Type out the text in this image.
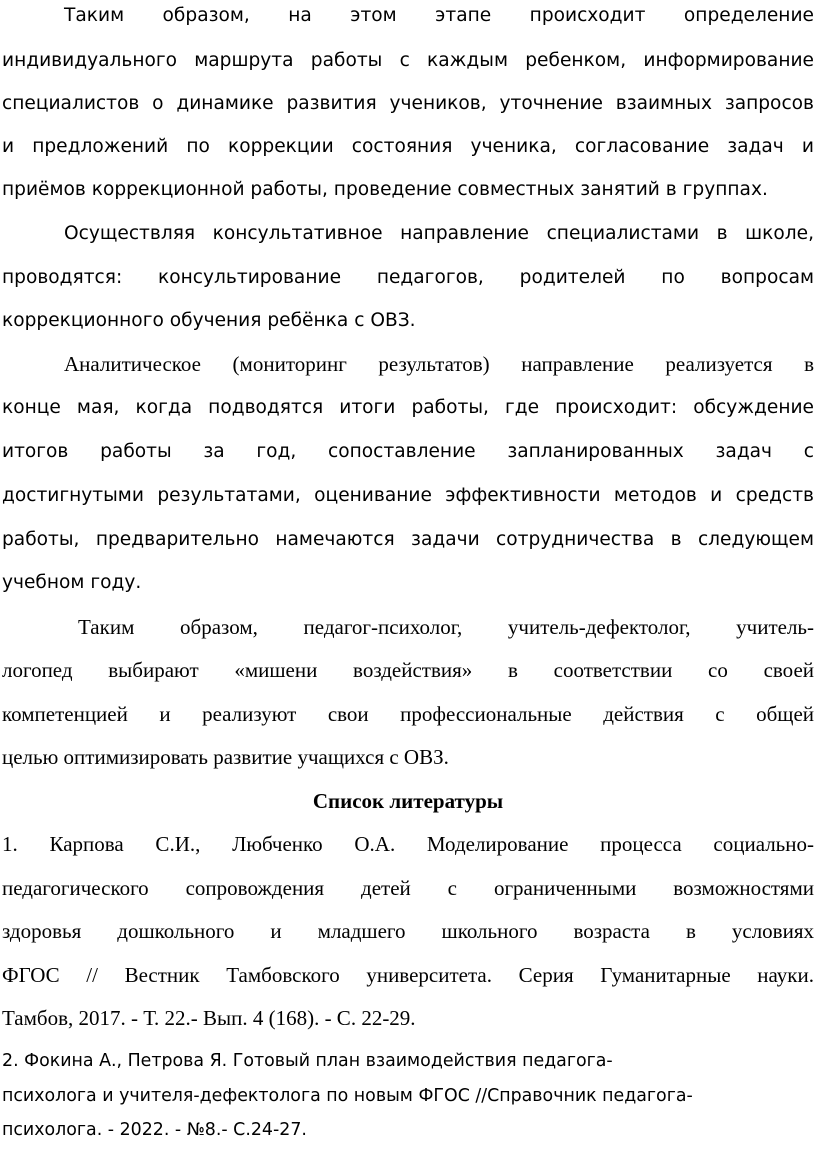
Таким образом, на этом этапе происходит определение

индивидуального маршрута работы с каждым ребенком, информирование

специалистов о динамике развития учеников, уточнение взаимных запросов

и предложений по коррекции состояния ученика, согласование задач и

приёмов коррекционной работы, проведение совместных занятий в группах.

Осуществляя консультативное направление специалистами в школе,

проводятся: консультирование педагогов, родителей по вопросам

коррекционного обучения ребёнка с ОВЗ.

Аналитическое (мониторинг результатов) направление реализуется в

конце мая, когда подводятся итоги работы, где происходит: обсуждение

итогов работы за год, сопоставление запланированных задач с

достигнутыми результатами, оценивание эффективности методов и средств

работы, предварительно намечаются задачи сотрудничества в следующем

учебном году.

Таким образом, педагог-психолог, учитель-дефектолог, учитель-

логопед выбирают «мишени воздействия» в соответствии со своей

компетенцией и реализуют свои профессиональные действия с общей

целью оптимизировать развитие учащихся с ОВЗ.

Список литературы

1. Карпова С.И., Любченко О.А. Моделирование процесса социально-

педагогического сопровождения детей с ограниченными возможностями

здоровья дошкольного и младшего школьного возраста в условиях

ФГОС // Вестник Тамбовского университета. Серия Гуманитарные науки.

Тамбов, 2017. - Т. 22.- Вып. 4 (168). - С. 22-29.

2. Фокина А., Петрова Я. Готовый план взаимодействия педагога-

психолога и учителя-дефектолога по новым ФГОС //Справочник педагога-

психолога. - 2022. - №8.- С.24-27.
